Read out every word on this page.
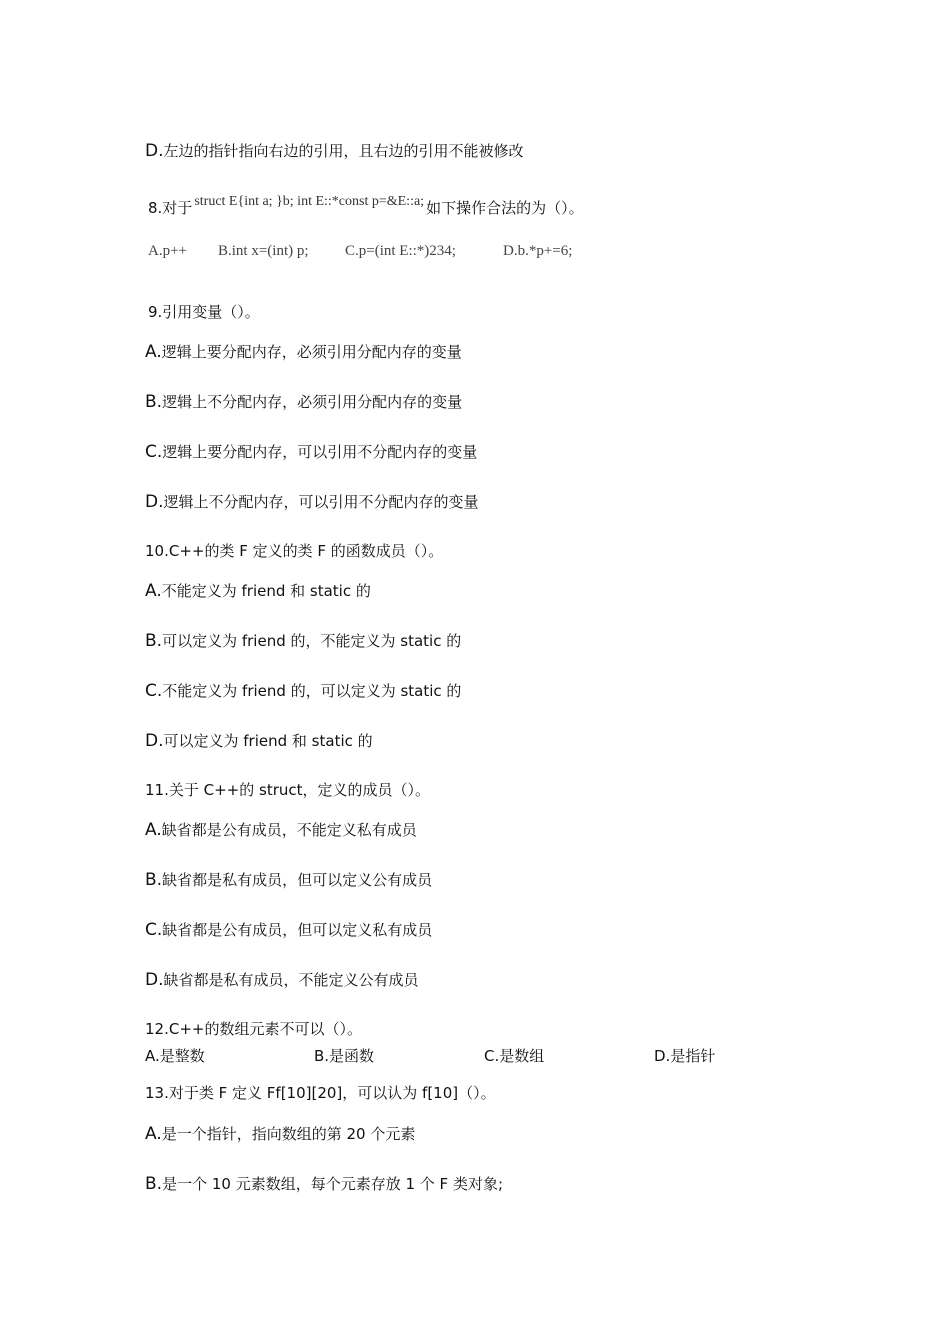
D.左边的指针指向右边的引用，且右边的引用不能被修改
8.对于 struct E{int a; }b; int E::*const p=&E::a; 如下操作合法的为（）。
A.p++ B.int x=(int) p; C.p=(int E::*)234;	D.b.*p+=6;
9.引用变量（）。
A.逻辑上要分配内存，必须引用分配内存的变量
B.逻辑上不分配内存，必须引用分配内存的变量
C.逻辑上要分配内存，可以引用不分配内存的变量
D.逻辑上不分配内存，可以引用不分配内存的变量
10.C++的类 F 定义的类 F 的函数成员（）。
A.不能定义为 friend 和 static 的
B.可以定义为 friend 的，不能定义为 static 的
C.不能定义为 friend 的，可以定义为 static 的
D.可以定义为 friend 和 static 的
11.关于 C++的 struct，定义的成员（）。
A.缺省都是公有成员，不能定义私有成员
B.缺省都是私有成员，但可以定义公有成员
C.缺省都是公有成员，但可以定义私有成员
D.缺省都是私有成员，不能定义公有成员
12.C++的数组元素不可以（）。
A.是整数	B.是函数	C.是数组	D.是指针
13.对于类 F 定义 Ff[10][20]，可以认为 f[10]（）。
A.是一个指针，指向数组的第 20 个元素
B.是一个 10 元素数组，每个元素存放 1 个 F 类对象;
